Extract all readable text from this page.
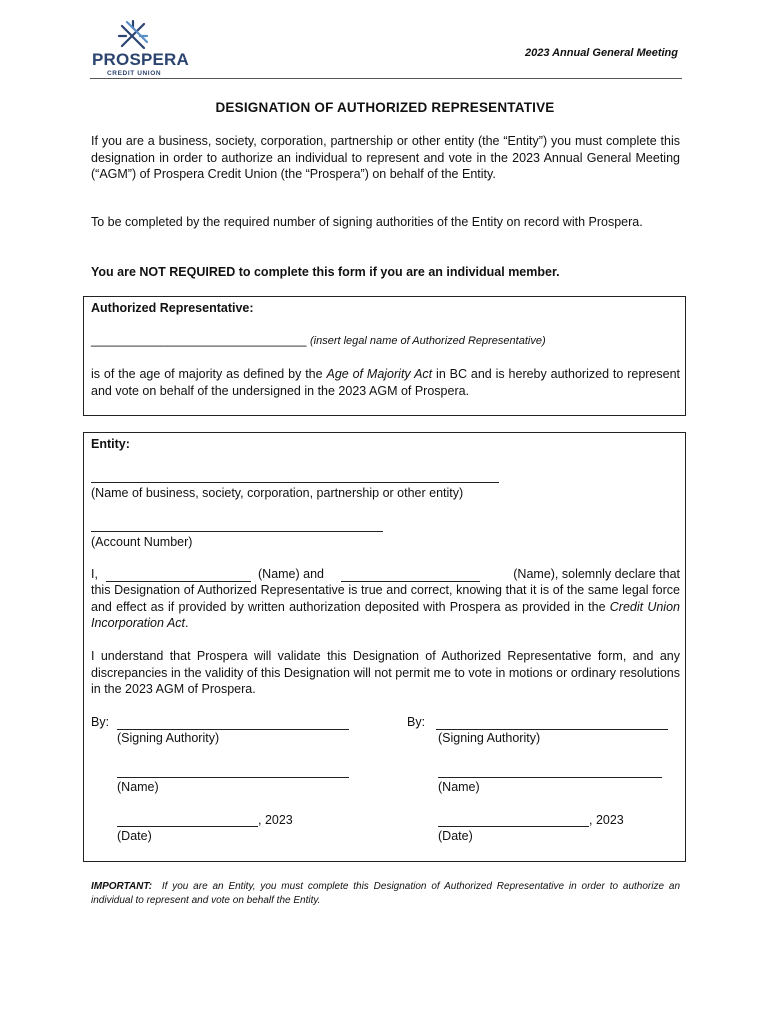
PROSPERA
CREDIT UNION
2023 Annual General Meeting
DESIGNATION OF AUTHORIZED REPRESENTATIVE
If you are a business, society, corporation, partnership or other entity (the “Entity”) you must complete this designation in order to authorize an individual to represent and vote in the 2023 Annual General Meeting (“AGM”) of Prospera Credit Union (the “Prospera”) on behalf of the Entity.
To be completed by the required number of signing authorities of the Entity on record with Prospera.
You are NOT REQUIRED to complete this form if you are an individual member.
Authorized Representative:
_______________________________ (insert legal name of Authorized Representative)
is of the age of majority as defined by the Age of Majority Act in BC and is hereby authorized to represent and vote on behalf of the undersigned in the 2023 AGM of Prospera.
Entity:
(Name of business, society, corporation, partnership or other entity)
(Account Number)
I,	(Name) and	(Name), solemnly declare that
this Designation of Authorized Representative is true and correct, knowing that it is of the same legal force and effect as if provided by written authorization deposited with Prospera as provided in the Credit Union Incorporation Act.
I understand that Prospera will validate this Designation of Authorized Representative form, and any discrepancies in the validity of this Designation will not permit me to vote in motions or ordinary resolutions in the 2023 AGM of Prospera.
By:
(Signing Authority)
(Name)
, 2023
(Date)
By:
(Signing Authority)
(Name)
, 2023
(Date)
IMPORTANT: If you are an Entity, you must complete this Designation of Authorized Representative in order to authorize an individual to represent and vote on behalf the Entity.
